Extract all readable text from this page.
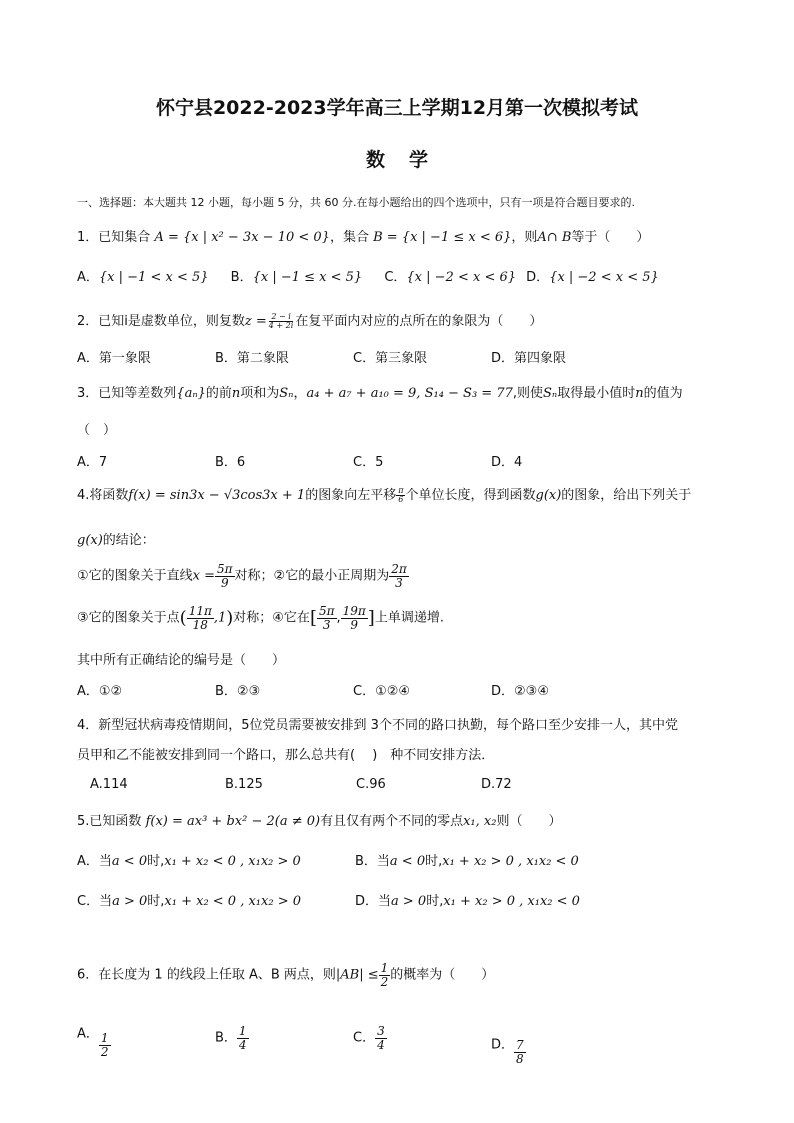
怀宁县2022-2023学年高三上学期12月第一次模拟考试
数学
一、选择题：本大题共 12 小题，每小题 5 分，共 60 分.在每小题给出的四个选项中，只有一项是符合题目要求的.
1．已知集合 A = {x | x² − 3x − 10 < 0}，集合 B = {x | −1 ≤ x < 6}，则A∩ B等于（　　）
A．{x | −1 < x < 5} B．{x | −1 ≤ x < 5} C．{x | −2 < x < 6} D．{x | −2 < x < 5}
2．已知i是虚数单位，则复数$z = \frac{2 - i}{4 + 2i}$ 在复平面内对应的点所在的象限为（　　）
A．第一象限	B．第二象限	C．第三象限	D．第四象限
3．已知等差数列{aₙ}的前n项和为Sₙ，a₄ + a₇ + a₁₀ = 9, S₁₄ − S₃ = 77,则使Sₙ取得最小值时n的值为
（　）
A．7	B．6	C．5	D．4
4.将函数f(x) = sin3x − √3cos3x + 1的图象向左平移 $\frac{\pi}{6}$ 个单位长度，得到函数g(x)的图象，给出下列关于
g(x)的结论：
①它的图象关于直线$x = \frac{5\pi}{9}$ 对称；②它的最小正周期为 $\frac{2\pi}{3}$
③它的图象关于点( $\frac{11\pi}{18} ,1$)对称；④它在[ $\frac{5\pi}{3}$ , $\frac{19\pi}{9}$ ]上单调递增.
其中所有正确结论的编号是（　　）
A．①②	B．②③	C．①②④	D．②③④
4．新型冠状病毒疫情期间，5位党员需要被安排到 3个不同的路口执勤，每个路口至少安排一人，其中党
员甲和乙不能被安排到同一个路口，那么总共有(　 )　种不同安排方法．
A.114	B.125	C.96	D.72
5.已知函数 f(x) = ax³ + bx² − 2(a ≠ 0)有且仅有两个不同的零点x₁, x₂则（　　）
A．当a < 0时,x₁ + x₂ < 0 , x₁x₂ > 0	B．当a < 0时,x₁ + x₂ > 0 , x₁x₂ < 0
C．当a > 0时,x₁ + x₂ < 0 , x₁x₂ > 0	D．当a > 0时,x₁ + x₂ > 0 , x₁x₂ < 0
6．在长度为 1 的线段上任取 A、B 两点，则$|AB| \le \frac{1}{2}$ 的概率为（　　）
A． $\frac{1}{2}$	B． $\frac{1}{4}$	C． $\frac{3}{4}$	D． $\frac{7}{8}$
